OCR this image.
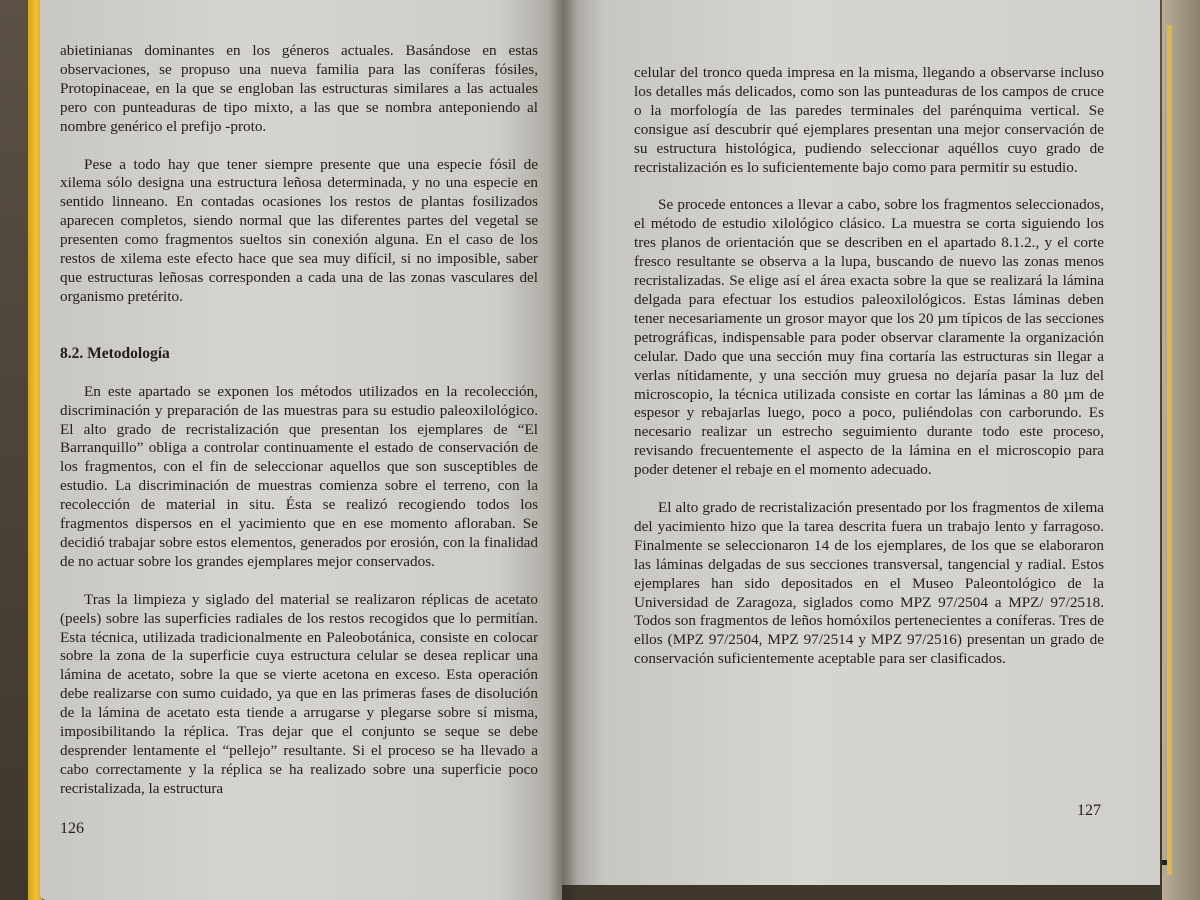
abietinianas dominantes en los géneros actuales. Basándose en estas observaciones, se propuso una nueva familia para las coníferas fósiles, Protopinaceae, en la que se engloban las estructuras similares a las actuales pero con punteaduras de tipo mixto, a las que se nombra anteponiendo al nombre genérico el prefijo -proto.

Pese a todo hay que tener siempre presente que una especie fósil de xilema sólo designa una estructura leñosa determinada, y no una especie en sentido linneano. En contadas ocasiones los restos de plantas fosilizados aparecen completos, siendo normal que las diferentes partes del vegetal se presenten como fragmentos sueltos sin conexión alguna. En el caso de los restos de xilema este efecto hace que sea muy difícil, si no imposible, saber que estructuras leñosas corresponden a cada una de las zonas vasculares del organismo pretérito.

8.2. Metodología

En este apartado se exponen los métodos utilizados en la recolección, discriminación y preparación de las muestras para su estudio paleoxilológico. El alto grado de recristalización que presentan los ejemplares de “El Barranquillo” obliga a controlar continuamente el estado de conservación de los fragmentos, con el fin de seleccionar aquellos que son susceptibles de estudio. La discriminación de muestras comienza sobre el terreno, con la recolección de material in situ. Ésta se realizó recogiendo todos los fragmentos dispersos en el yacimiento que en ese momento afloraban. Se decidió trabajar sobre estos elementos, generados por erosión, con la finalidad de no actuar sobre los grandes ejemplares mejor conservados.

Tras la limpieza y siglado del material se realizaron réplicas de acetato (peels) sobre las superficies radiales de los restos recogidos que lo permitían. Esta técnica, utilizada tradicionalmente en Paleobotánica, consiste en colocar sobre la zona de la superficie cuya estructura celular se desea replicar una lámina de acetato, sobre la que se vierte acetona en exceso. Esta operación debe realizarse con sumo cuidado, ya que en las primeras fases de disolución de la lámina de acetato esta tiende a arrugarse y plegarse sobre sí misma, imposibilitando la réplica. Tras dejar que el conjunto se seque se debe desprender lentamente el “pellejo” resultante. Si el proceso se ha llevado a cabo correctamente y la réplica se ha realizado sobre una superficie poco recristalizada, la estructura

126

celular del tronco queda impresa en la misma, llegando a observarse incluso los detalles más delicados, como son las punteaduras de los campos de cruce o la morfología de las paredes terminales del parénquima vertical. Se consigue así descubrir qué ejemplares presentan una mejor conservación de su estructura histológica, pudiendo seleccionar aquéllos cuyo grado de recristalización es lo suficientemente bajo como para permitir su estudio.

Se procede entonces a llevar a cabo, sobre los fragmentos seleccionados, el método de estudio xilológico clásico. La muestra se corta siguiendo los tres planos de orientación que se describen en el apartado 8.1.2., y el corte fresco resultante se observa a la lupa, buscando de nuevo las zonas menos recristalizadas. Se elige así el área exacta sobre la que se realizará la lámina delgada para efectuar los estudios paleoxilológicos. Estas láminas deben tener necesariamente un grosor mayor que los 20 µm típicos de las secciones petrográficas, indispensable para poder observar claramente la organización celular. Dado que una sección muy fina cortaría las estructuras sin llegar a verlas nítidamente, y una sección muy gruesa no dejaría pasar la luz del microscopio, la técnica utilizada consiste en cortar las láminas a 80 µm de espesor y rebajarlas luego, poco a poco, puliéndolas con carborundo. Es necesario realizar un estrecho seguimiento durante todo este proceso, revisando frecuentemente el aspecto de la lámina en el microscopio para poder detener el rebaje en el momento adecuado.

El alto grado de recristalización presentado por los fragmentos de xilema del yacimiento hizo que la tarea descrita fuera un trabajo lento y farragoso. Finalmente se seleccionaron 14 de los ejemplares, de los que se elaboraron las láminas delgadas de sus secciones transversal, tangencial y radial. Estos ejemplares han sido depositados en el Museo Paleontológico de la Universidad de Zaragoza, siglados como MPZ 97/2504 a MPZ/ 97/2518. Todos son fragmentos de leños homóxilos pertenecientes a coníferas. Tres de ellos (MPZ 97/2504, MPZ 97/2514 y MPZ 97/2516) presentan un grado de conservación suficientemente aceptable para ser clasificados.

127
